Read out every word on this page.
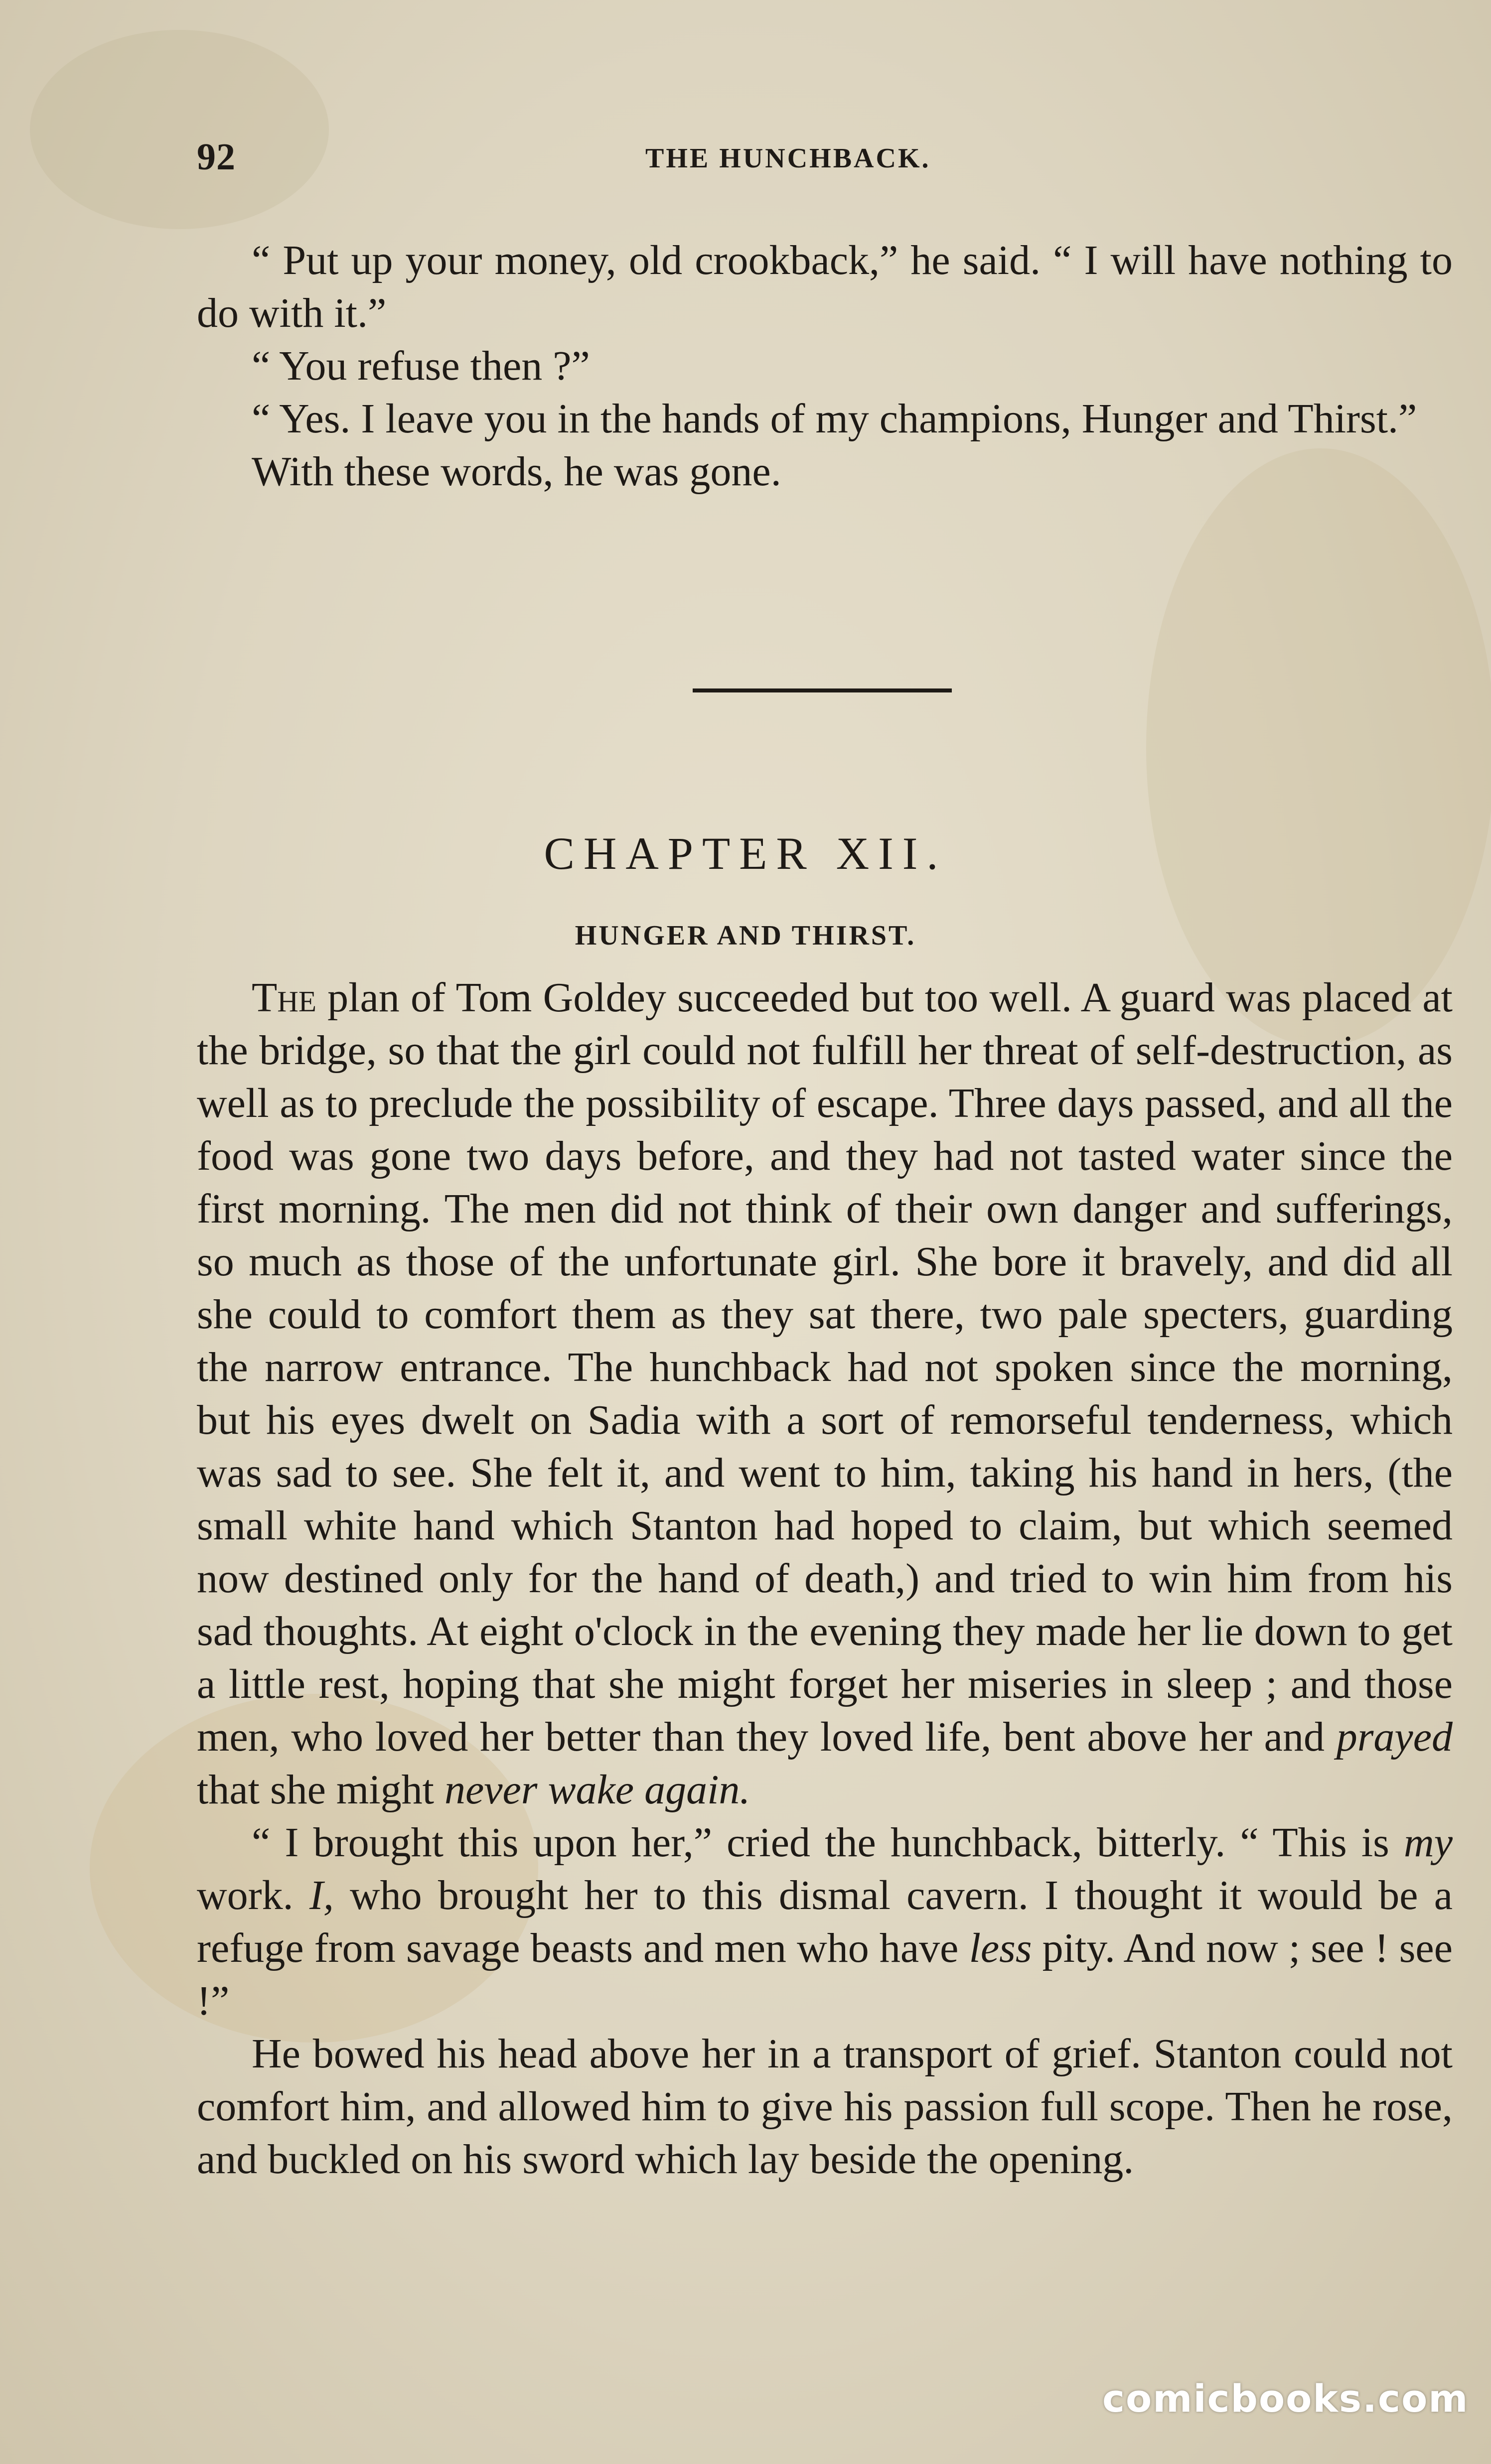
92	THE HUNCHBACK.

“ Put up your money, old crookback,” he said. “ I will have nothing to do with it.”

“ You refuse then ?”

“ Yes. I leave you in the hands of my champions, Hunger and Thirst.”

With these words, he was gone.

CHAPTER XII.
HUNGER AND THIRST.

The plan of Tom Goldey succeeded but too well. A guard was placed at the bridge, so that the girl could not fulfill her threat of self-destruction, as well as to preclude the possibility of escape. Three days passed, and all the food was gone two days before, and they had not tasted water since the first morning. The men did not think of their own danger and sufferings, so much as those of the unfortunate girl. She bore it bravely, and did all she could to comfort them as they sat there, two pale specters, guarding the narrow entrance. The hunchback had not spoken since the morning, but his eyes dwelt on Sadia with a sort of remorseful tenderness, which was sad to see. She felt it, and went to him, taking his hand in hers, (the small white hand which Stanton had hoped to claim, but which seemed now destined only for the hand of death,) and tried to win him from his sad thoughts. At eight o'clock in the evening they made her lie down to get a little rest, hoping that she might forget her miseries in sleep ; and those men, who loved her better than they loved life, bent above her and prayed that she might never wake again.

“ I brought this upon her,” cried the hunchback, bitterly. “ This is my work. I, who brought her to this dismal cavern. I thought it would be a refuge from savage beasts and men who have less pity. And now ; see ! see !”

He bowed his head above her in a transport of grief. Stanton could not comfort him, and allowed him to give his passion full scope. Then he rose, and buckled on his sword which lay beside the opening.

comicbooks.com
